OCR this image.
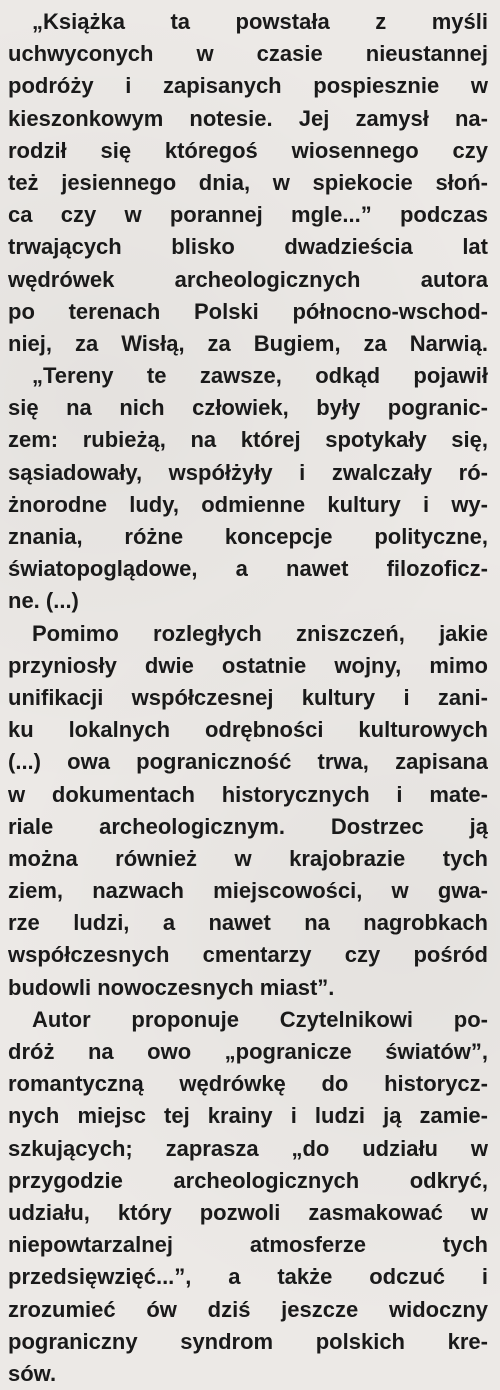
„Książka ta powstała z myśli
uchwyconych w czasie nieustannej
podróży i zapisanych pospiesznie w
kieszonkowym notesie. Jej zamysł na-
rodził się któregoś wiosennego czy
też jesiennego dnia, w spiekocie słoń-
ca czy w porannej mgle...” podczas
trwających blisko dwadzieścia lat
wędrówek archeologicznych autora
po terenach Polski północno-wschod-
niej, za Wisłą, za Bugiem, za Narwią.
„Tereny te zawsze, odkąd pojawił
się na nich człowiek, były pogranic-
zem: rubieżą, na której spotykały się,
sąsiadowały, współżyły i zwalczały ró-
żnorodne ludy, odmienne kultury i wy-
znania, różne koncepcje polityczne,
światopoglądowe, a nawet filozoficz-
ne. (...)
Pomimo rozległych zniszczeń, jakie
przyniosły dwie ostatnie wojny, mimo
unifikacji współczesnej kultury i zani-
ku lokalnych odrębności kulturowych
(...) owa pograniczność trwa, zapisana
w dokumentach historycznych i mate-
riale archeologicznym. Dostrzec ją
można również w krajobrazie tych
ziem, nazwach miejscowości, w gwa-
rze ludzi, a nawet na nagrobkach
współczesnych cmentarzy czy pośród
budowli nowoczesnych miast”.
Autor proponuje Czytelnikowi po-
dróż na owo „pogranicze światów”,
romantyczną wędrówkę do historycz-
nych miejsc tej krainy i ludzi ją zamie-
szkujących; zaprasza „do udziału w
przygodzie archeologicznych odkryć,
udziału, który pozwoli zasmakować w
niepowtarzalnej atmosferze tych
przedsięwzięć...”, a także odczuć i
zrozumieć ów dziś jeszcze widoczny
pograniczny syndrom polskich kre-
sów.
